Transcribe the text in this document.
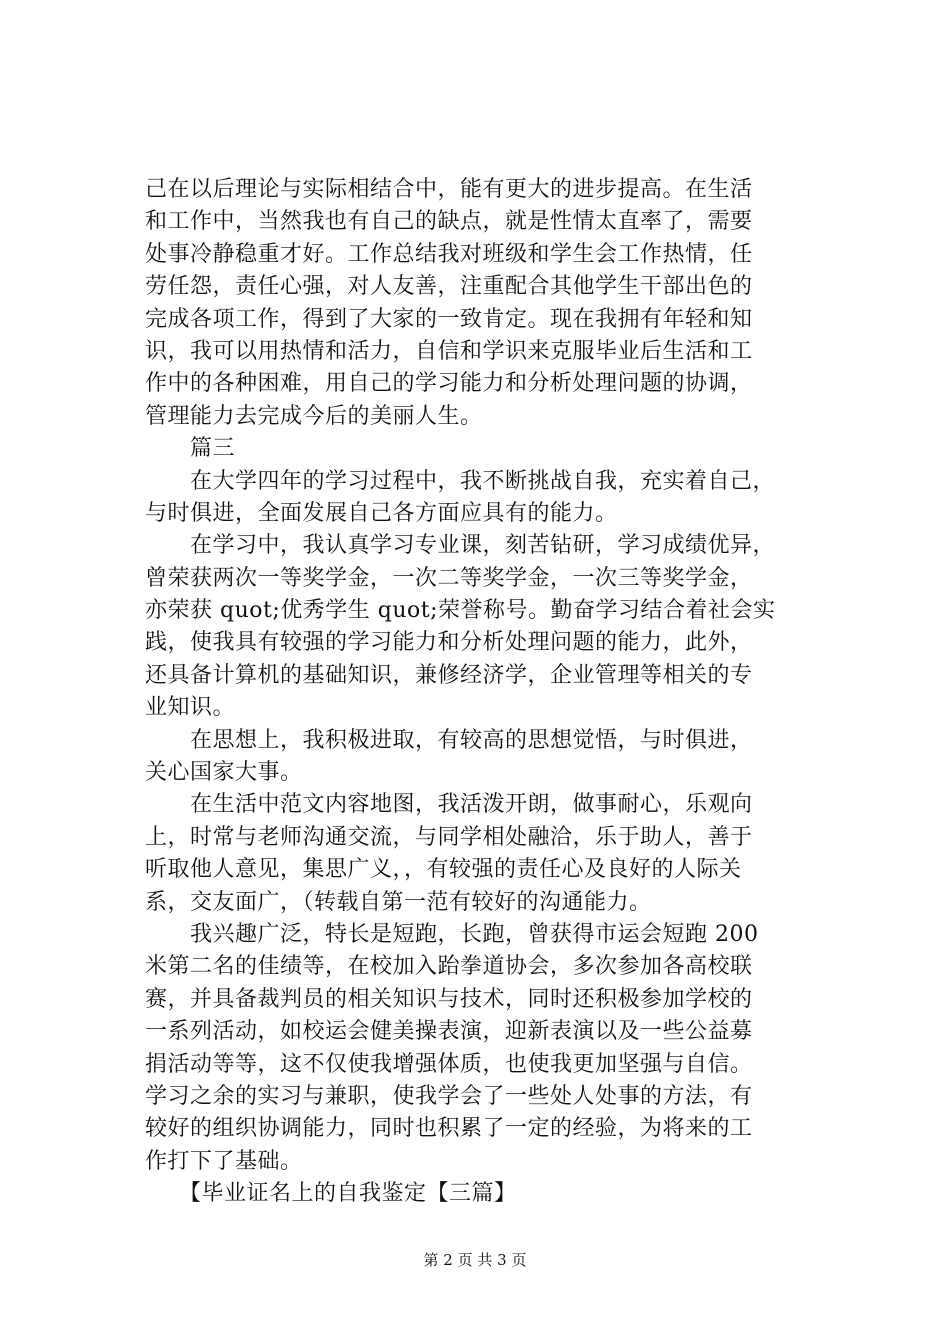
己在以后理论与实际相结合中，能有更大的进步提高。在生活
和工作中，当然我也有自己的缺点，就是性情太直率了，需要
处事冷静稳重才好。工作总结我对班级和学生会工作热情，任
劳任怨，责任心强，对人友善，注重配合其他学生干部出色的
完成各项工作，得到了大家的一致肯定。现在我拥有年轻和知
识，我可以用热情和活力，自信和学识来克服毕业后生活和工
作中的各种困难，用自己的学习能力和分析处理问题的协调，
管理能力去完成今后的美丽人生。
　　篇三
　　在大学四年的学习过程中，我不断挑战自我，充实着自己，
与时俱进，全面发展自己各方面应具有的能力。
　　在学习中，我认真学习专业课，刻苦钻研，学习成绩优异，
曾荣获两次一等奖学金，一次二等奖学金，一次三等奖学金，
亦荣获 quot;优秀学生 quot;荣誉称号。勤奋学习结合着社会实
践，使我具有较强的学习能力和分析处理问题的能力，此外，
还具备计算机的基础知识，兼修经济学，企业管理等相关的专
业知识。
　　在思想上，我积极进取，有较高的思想觉悟，与时俱进，
关心国家大事。
　　在生活中范文内容地图，我活泼开朗，做事耐心，乐观向
上，时常与老师沟通交流，与同学相处融洽，乐于助人，善于
听取他人意见，集思广义，，有较强的责任心及良好的人际关
系，交友面广，（转载自第一范有较好的沟通能力。
　　我兴趣广泛，特长是短跑，长跑，曾获得市运会短跑 200
米第二名的佳绩等，在校加入跆拳道协会，多次参加各高校联
赛，并具备裁判员的相关知识与技术，同时还积极参加学校的
一系列活动，如校运会健美操表演，迎新表演以及一些公益募
捐活动等等，这不仅使我增强体质，也使我更加坚强与自信。
学习之余的实习与兼职，使我学会了一些处人处事的方法，有
较好的组织协调能力，同时也积累了一定的经验，为将来的工
作打下了基础。
　　【毕业证名上的自我鉴定【三篇】
第 2 页 共 3 页
